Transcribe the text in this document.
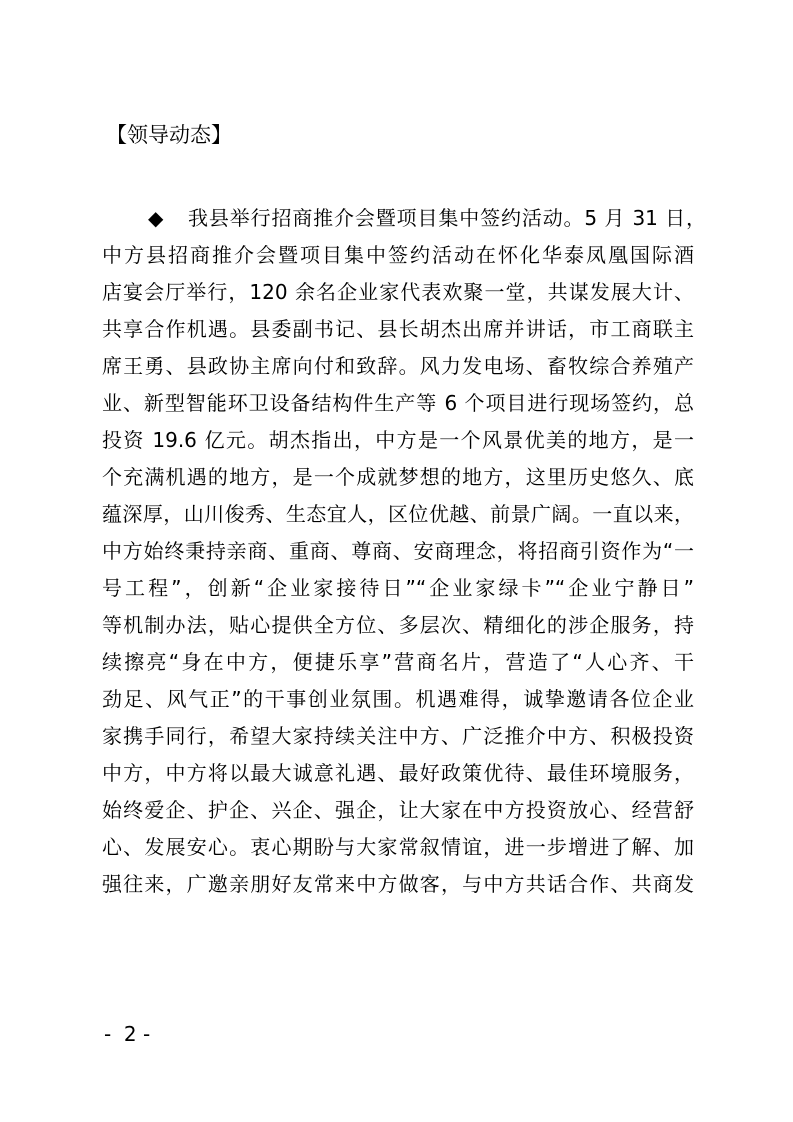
【领导动态】
◆ 我县举行招商推介会暨项目集中签约活动。5 月 31 日，
中方县招商推介会暨项目集中签约活动在怀化华泰凤凰国际酒
店宴会厅举行，120 余名企业家代表欢聚一堂，共谋发展大计、
共享合作机遇。县委副书记、县长胡杰出席并讲话，市工商联主
席王勇、县政协主席向付和致辞。风力发电场、畜牧综合养殖产
业、新型智能环卫设备结构件生产等 6 个项目进行现场签约，总
投资 19.6 亿元。胡杰指出，中方是一个风景优美的地方，是一
个充满机遇的地方，是一个成就梦想的地方，这里历史悠久、底
蕴深厚，山川俊秀、生态宜人，区位优越、前景广阔。一直以来，
中方始终秉持亲商、重商、尊商、安商理念，将招商引资作为“一
号工程”，创新“企业家接待日”“企业家绿卡”“企业宁静日”
等机制办法，贴心提供全方位、多层次、精细化的涉企服务，持
续擦亮“身在中方，便捷乐享”营商名片，营造了“人心齐、干
劲足、风气正”的干事创业氛围。机遇难得，诚挚邀请各位企业
家携手同行，希望大家持续关注中方、广泛推介中方、积极投资
中方，中方将以最大诚意礼遇、最好政策优待、最佳环境服务，
始终爱企、护企、兴企、强企，让大家在中方投资放心、经营舒
心、发展安心。衷心期盼与大家常叙情谊，进一步增进了解、加
强往来，广邀亲朋好友常来中方做客，与中方共话合作、共商发
-  2 -
